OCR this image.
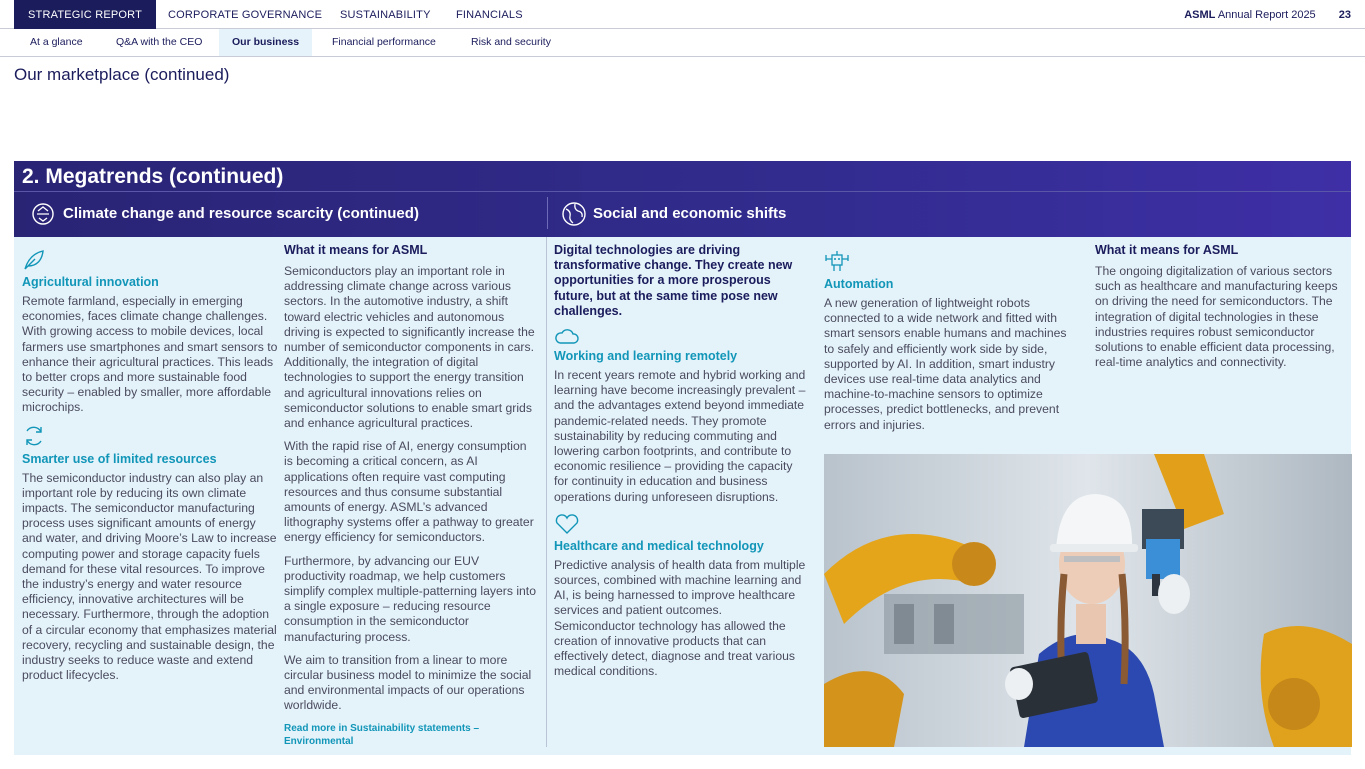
STRATEGIC REPORT	CORPORATE GOVERNANCE SUSTAINABILITY FINANCIALS	ASML Annual Report 2025 23
At a glance	Q&A with the CEO	Our business	Financial performance	Risk and security
Our marketplace (continued)
2. Megatrends (continued)
Climate change and resource scarcity (continued)	Social and economic shifts
Agricultural innovation

Remote farmland, especially in emerging economies, faces climate change challenges. With growing access to mobile devices, local farmers use smartphones and smart sensors to enhance their agricultural practices. This leads to better crops and more sustainable food security – enabled by smaller, more affordable microchips.

Smarter use of limited resources

The semiconductor industry can also play an important role by reducing its own climate impacts. The semiconductor manufacturing process uses significant amounts of energy and water, and driving Moore’s Law to increase computing power and storage capacity fuels demand for these vital resources. To improve the industry’s energy and water resource efficiency, innovative architectures will be necessary. Furthermore, through the adoption of a circular economy that emphasizes material recovery, recycling and sustainable design, the industry seeks to reduce waste and extend product lifecycles.

What it means for ASML

Semiconductors play an important role in addressing climate change across various sectors. In the automotive industry, a shift toward electric vehicles and autonomous driving is expected to significantly increase the number of semiconductor components in cars. Additionally, the integration of digital technologies to support the energy transition and agricultural innovations relies on semiconductor solutions to enable smart grids and enhance agricultural practices.

With the rapid rise of AI, energy consumption is becoming a critical concern, as AI applications often require vast computing resources and thus consume substantial amounts of energy. ASML’s advanced lithography systems offer a pathway to greater energy efficiency for semiconductors.

Furthermore, by advancing our EUV productivity roadmap, we help customers simplify complex multiple-patterning layers into a single exposure – reducing resource consumption in the semiconductor manufacturing process.

We aim to transition from a linear to more circular business model to minimize the social and environmental impacts of our operations worldwide.

Read more in Sustainability statements – Environmental
Digital technologies are driving transformative change. They create new opportunities for a more prosperous future, but at the same time pose new challenges.
Working and learning remotely

In recent years remote and hybrid working and learning have become increasingly prevalent – and the advantages extend beyond immediate pandemic-related needs. They promote sustainability by reducing commuting and lowering carbon footprints, and contribute to economic resilience – providing the capacity for continuity in education and business operations during unforeseen disruptions.

Healthcare and medical technology

Predictive analysis of health data from multiple sources, combined with machine learning and AI, is being harnessed to improve healthcare services and patient outcomes. Semiconductor technology has allowed the creation of innovative products that can effectively detect, diagnose and treat various medical conditions.

Automation

A new generation of lightweight robots connected to a wide network and fitted with smart sensors enable humans and machines to safely and efficiently work side by side, supported by AI. In addition, smart industry devices use real-time data analytics and machine-to-machine sensors to optimize processes, predict bottlenecks, and prevent errors and injuries.

What it means for ASML

The ongoing digitalization of various sectors such as healthcare and manufacturing keeps on driving the need for semiconductors. The integration of digital technologies in these industries requires robust semiconductor solutions to enable efficient data processing, real-time analytics and connectivity.
